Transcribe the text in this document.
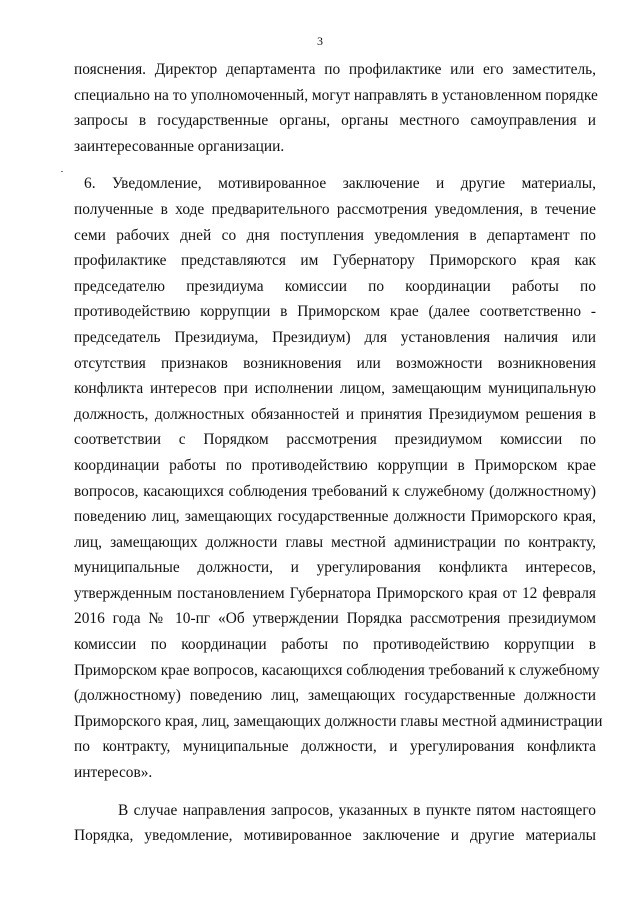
3
пояснения. Директор департамента по профилактике или его заместитель,
специально на то уполномоченный, могут направлять в установленном порядке
запросы в государственные органы, органы местного самоуправления и
заинтересованные организации.
6. Уведомление, мотивированное заключение и другие материалы,
полученные в ходе предварительного рассмотрения уведомления, в течение
семи рабочих дней со дня поступления уведомления в департамент по
профилактике представляются им Губернатору Приморского края как
председателю президиума комиссии по координации работы по
противодействию коррупции в Приморском крае (далее соответственно -
председатель Президиума, Президиум) для установления наличия или
отсутствия признаков возникновения или возможности возникновения
конфликта интересов при исполнении лицом, замещающим муниципальную
должность, должностных обязанностей и принятия Президиумом решения в
соответствии с Порядком рассмотрения президиумом комиссии по
координации работы по противодействию коррупции в Приморском крае
вопросов, касающихся соблюдения требований к служебному (должностному)
поведению лиц, замещающих государственные должности Приморского края,
лиц, замещающих должности главы местной администрации по контракту,
муниципальные должности, и урегулирования конфликта интересов,
утвержденным постановлением Губернатора Приморского края от 12 февраля
2016 года № 10-пг «Об утверждении Порядка рассмотрения президиумом
комиссии по координации работы по противодействию коррупции в
Приморском крае вопросов, касающихся соблюдения требований к служебному
(должностному) поведению лиц, замещающих государственные должности
Приморского края, лиц, замещающих должности главы местной администрации
по контракту, муниципальные должности, и урегулирования конфликта
интересов».
В случае направления запросов, указанных в пункте пятом настоящего
Порядка, уведомление, мотивированное заключение и другие материалы
